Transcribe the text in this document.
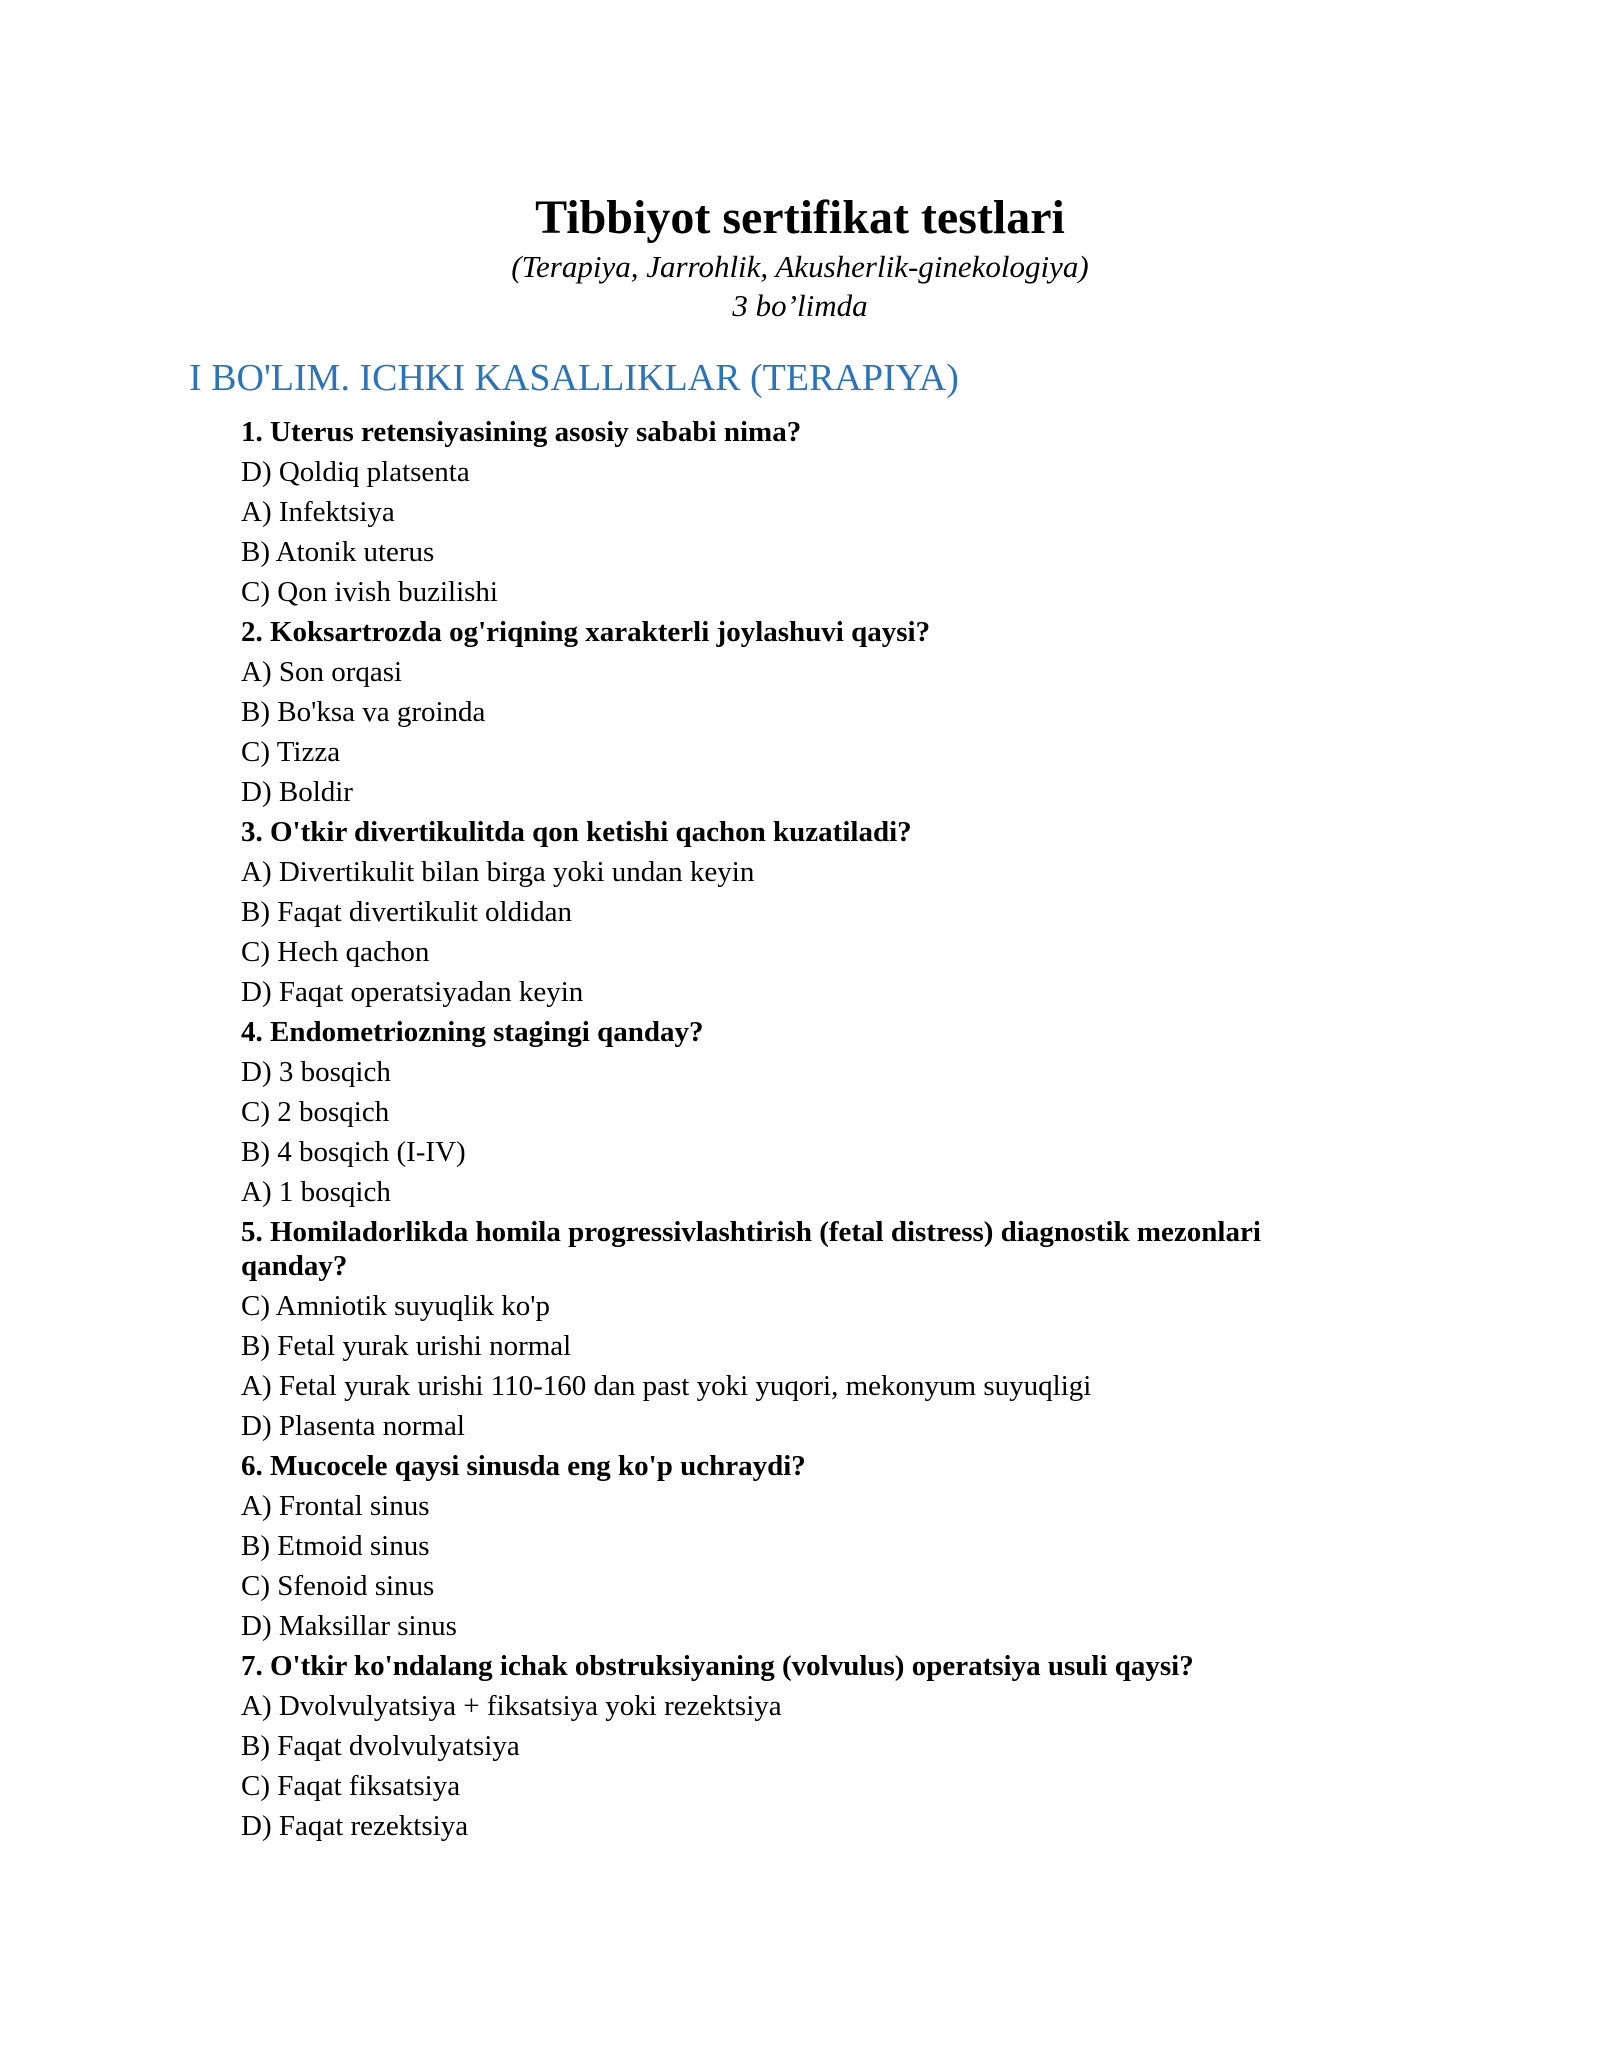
Tibbiyot sertifikat testlari
(Terapiya, Jarrohlik, Akusherlik-ginekologiya)
3 bo’limda
I BO'LIM. ICHKI KASALLIKLAR (TERAPIYA)

1. Uterus retensiyasining asosiy sababi nima?

D) Qoldiq platsenta

A) Infektsiya

B) Atonik uterus

C) Qon ivish buzilishi

2. Koksartrozda og'riqning xarakterli joylashuvi qaysi?

A) Son orqasi

B) Bo'ksa va groinda

C) Tizza

D) Boldir

3. O'tkir divertikulitda qon ketishi qachon kuzatiladi?

A) Divertikulit bilan birga yoki undan keyin

B) Faqat divertikulit oldidan

C) Hech qachon

D) Faqat operatsiyadan keyin

4. Endometriozning stagingi qanday?

D) 3 bosqich

C) 2 bosqich

B) 4 bosqich (I-IV)

A) 1 bosqich

5. Homiladorlikda homila progressivlashtirish (fetal distress) diagnostik mezonlari qanday?

C) Amniotik suyuqlik ko'p

B) Fetal yurak urishi normal

A) Fetal yurak urishi 110-160 dan past yoki yuqori, mekonyum suyuqligi

D) Plasenta normal

6. Mucocele qaysi sinusda eng ko'p uchraydi?

A) Frontal sinus

B) Etmoid sinus

C) Sfenoid sinus

D) Maksillar sinus

7. O'tkir ko'ndalang ichak obstruksiyaning (volvulus) operatsiya usuli qaysi?

A) Dvolvulyatsiya + fiksatsiya yoki rezektsiya

B) Faqat dvolvulyatsiya

C) Faqat fiksatsiya

D) Faqat rezektsiya
